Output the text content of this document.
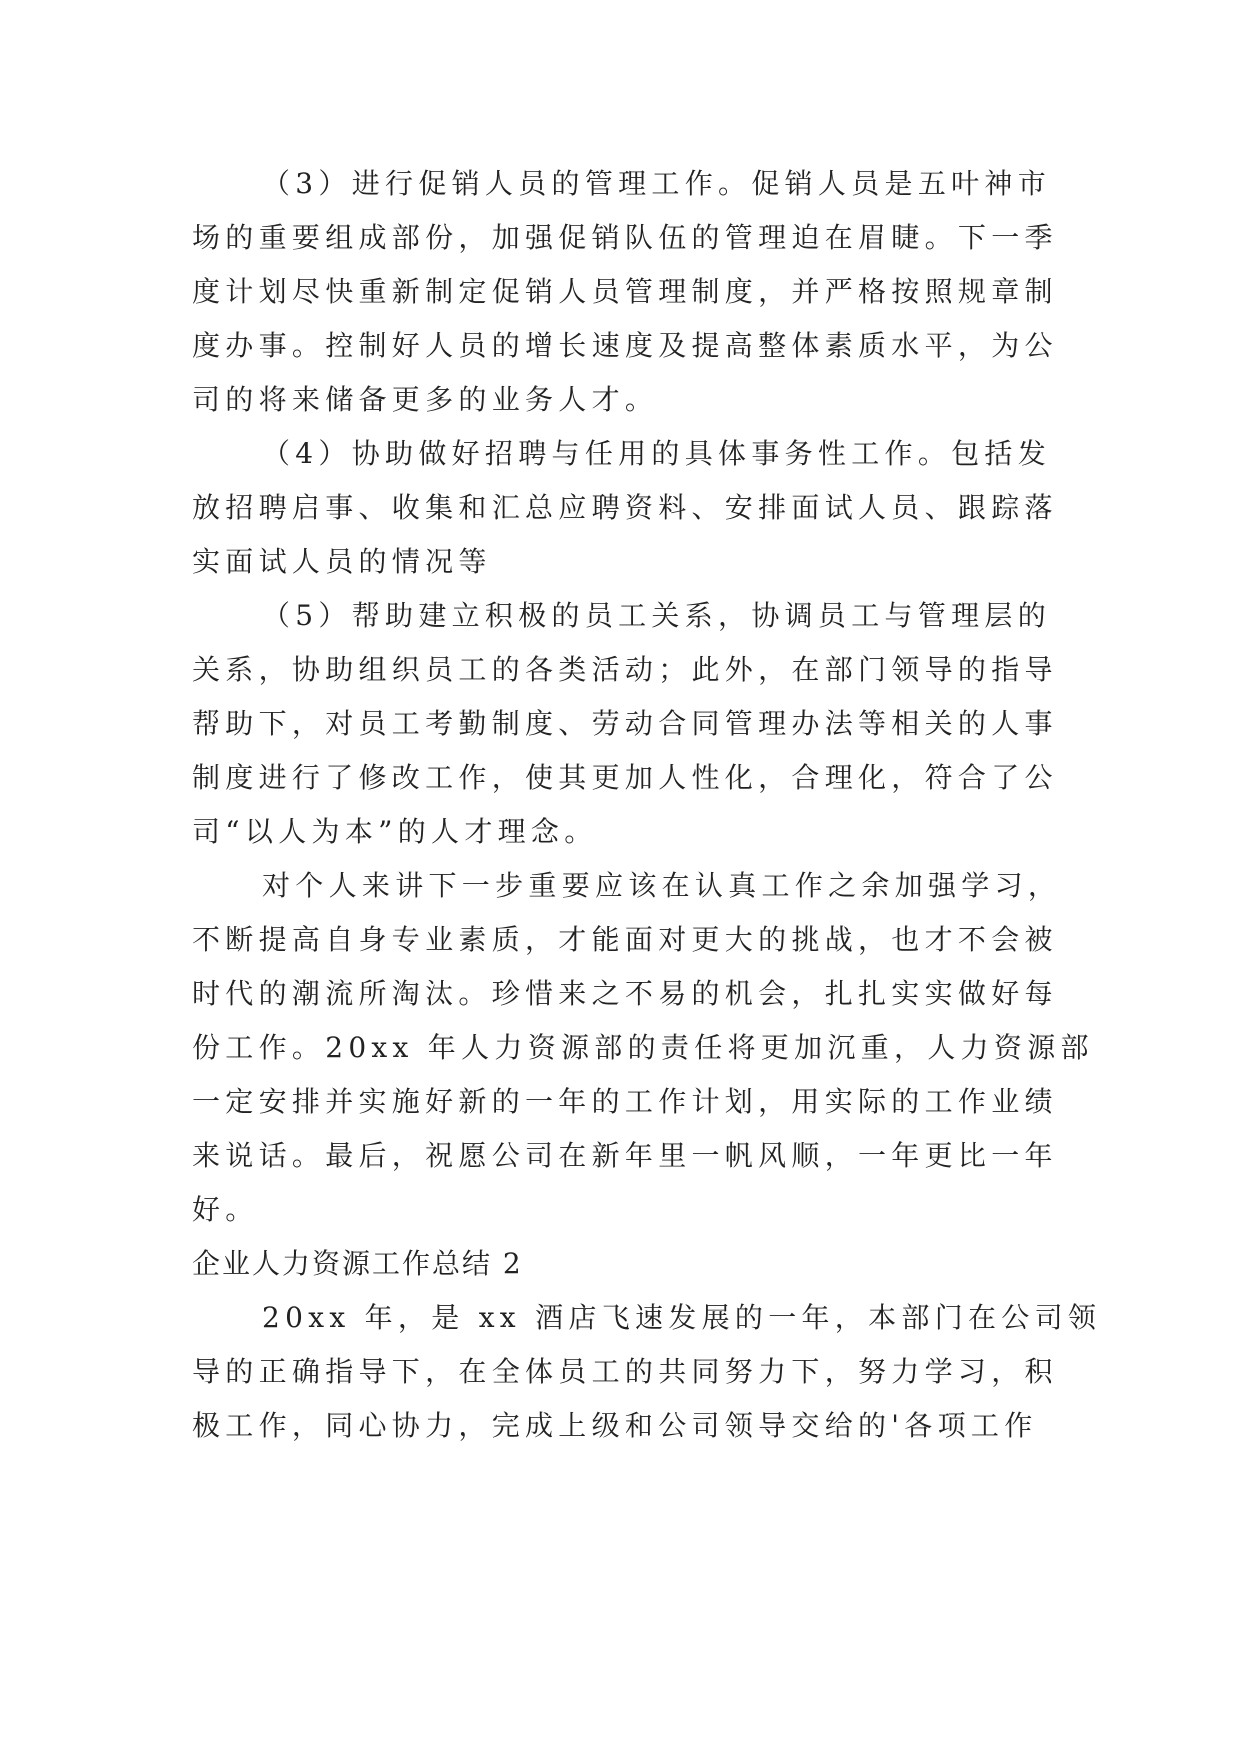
（3）进行促销人员的管理工作。促销人员是五叶神市
场的重要组成部份，加强促销队伍的管理迫在眉睫。下一季
度计划尽快重新制定促销人员管理制度，并严格按照规章制
度办事。控制好人员的增长速度及提高整体素质水平，为公
司的将来储备更多的业务人才。
（4）协助做好招聘与任用的具体事务性工作。包括发
放招聘启事、收集和汇总应聘资料、安排面试人员、跟踪落
实面试人员的情况等
（5）帮助建立积极的员工关系，协调员工与管理层的
关系，协助组织员工的各类活动；此外，在部门领导的指导
帮助下，对员工考勤制度、劳动合同管理办法等相关的人事
制度进行了修改工作，使其更加人性化，合理化，符合了公
司“以人为本”的人才理念。
对个人来讲下一步重要应该在认真工作之余加强学习，
不断提高自身专业素质，才能面对更大的挑战，也才不会被
时代的潮流所淘汰。珍惜来之不易的机会，扎扎实实做好每
份工作。20xx 年人力资源部的责任将更加沉重，人力资源部
一定安排并实施好新的一年的工作计划，用实际的工作业绩
来说话。最后，祝愿公司在新年里一帆风顺，一年更比一年
好。
企业人力资源工作总结 2
20xx 年，是 xx 酒店飞速发展的一年，本部门在公司领
导的正确指导下，在全体员工的共同努力下，努力学习，积
极工作，同心协力，完成上级和公司领导交给的'各项工作
